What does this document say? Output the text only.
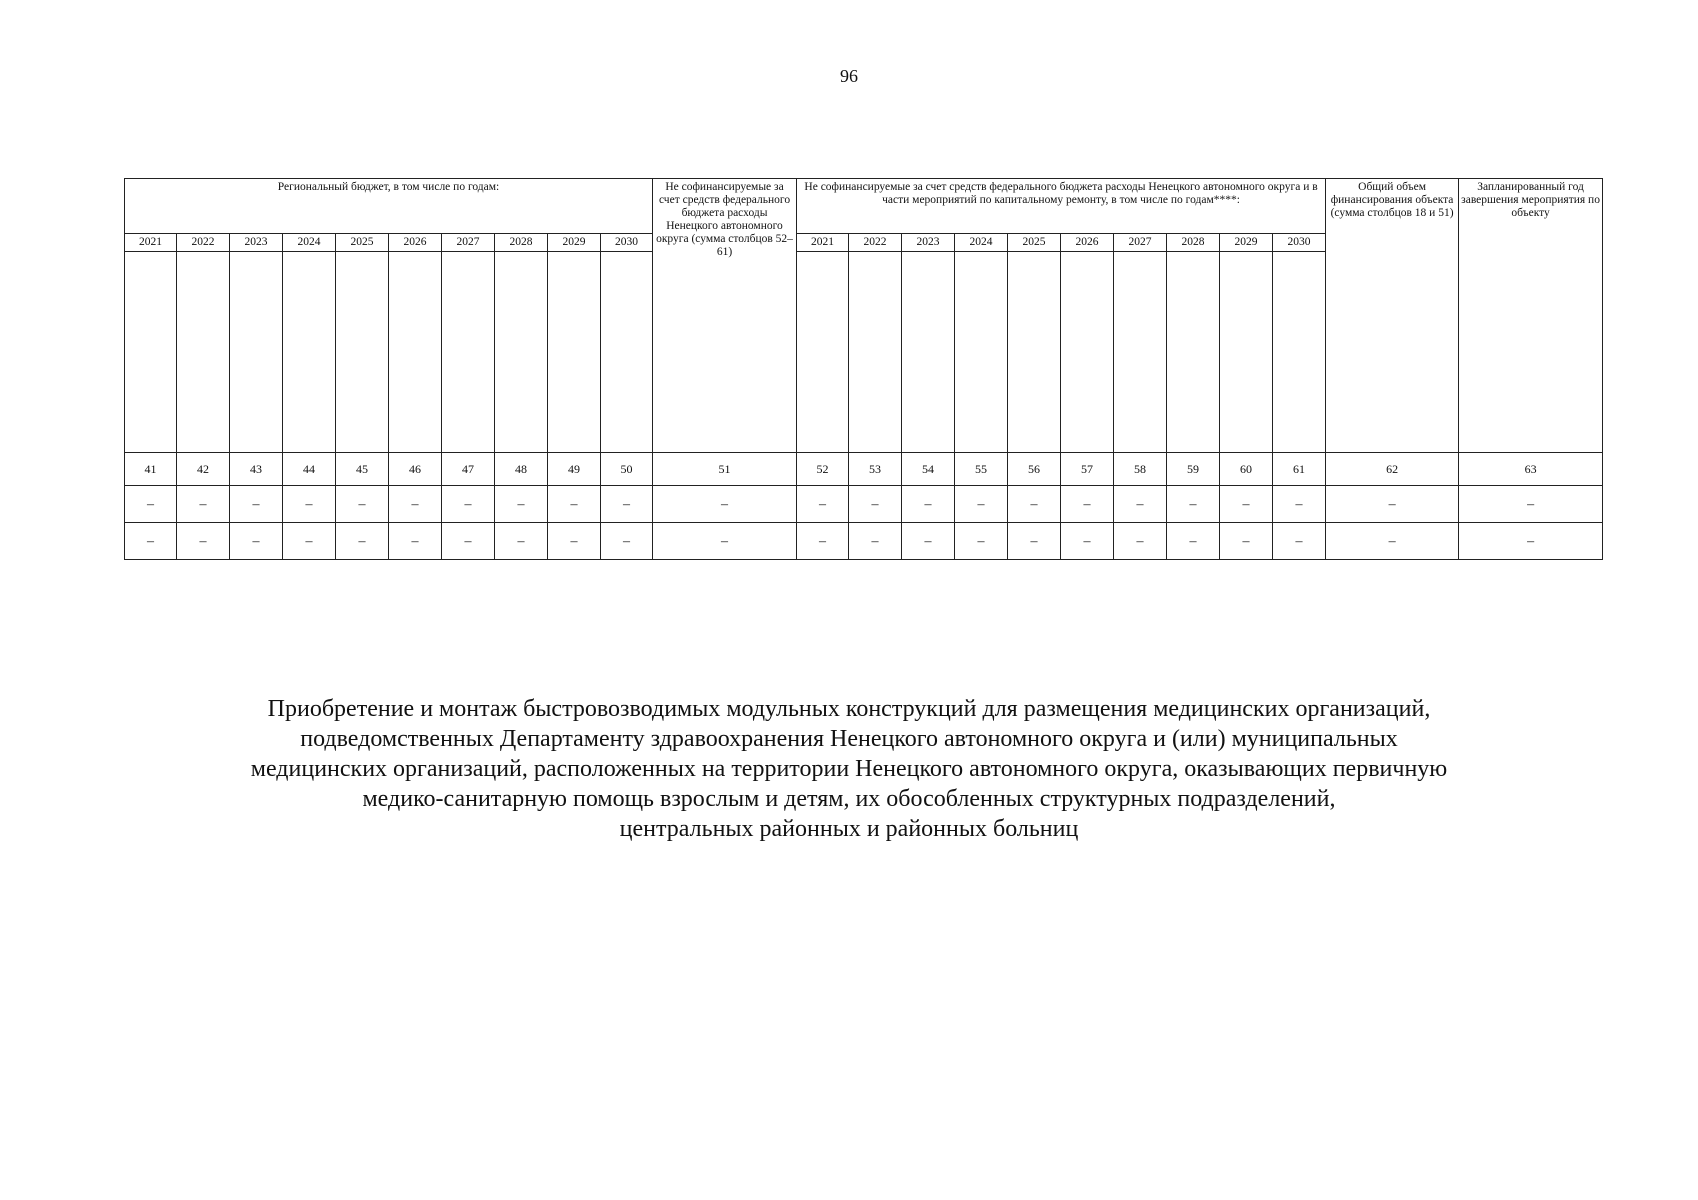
96
Региональный бюджет, в том числе по годам:										Не софинансируемые за счет средств федерального бюджета расходы Ненецкого автономного округа (сумма столбцов 52–61)	Не софинансируемые за счет средств федерального бюджета расходы Ненецкого автономного округа и в части мероприятий по капитальному ремонту, в том числе по годам****:										Общий объем финансирования объекта (сумма столбцов 18 и 51)	Запланированный год завершения мероприятия по объекту
2021	2022	2023	2024	2025	2026	2027	2028	2029	2030		2021	2022	2023	2024	2025	2026	2027	2028	2029	2030		

41	42	43	44	45	46	47	48	49	50	51	52	53	54	55	56	57	58	59	60	61	62	63
–	–	–	–	–	–	–	–	–	–	–	–	–	–	–	–	–	–	–	–	–	–	–
–	–	–	–	–	–	–	–	–	–	–	–	–	–	–	–	–	–	–	–	–	–	–
Приобретение и монтаж быстровозводимых модульных конструкций для размещения медицинских организаций,
подведомственных Департаменту здравоохранения Ненецкого автономного округа и (или) муниципальных
медицинских организаций, расположенных на территории Ненецкого автономного округа, оказывающих первичную
медико-санитарную помощь взрослым и детям, их обособленных структурных подразделений,
центральных районных и районных больниц
